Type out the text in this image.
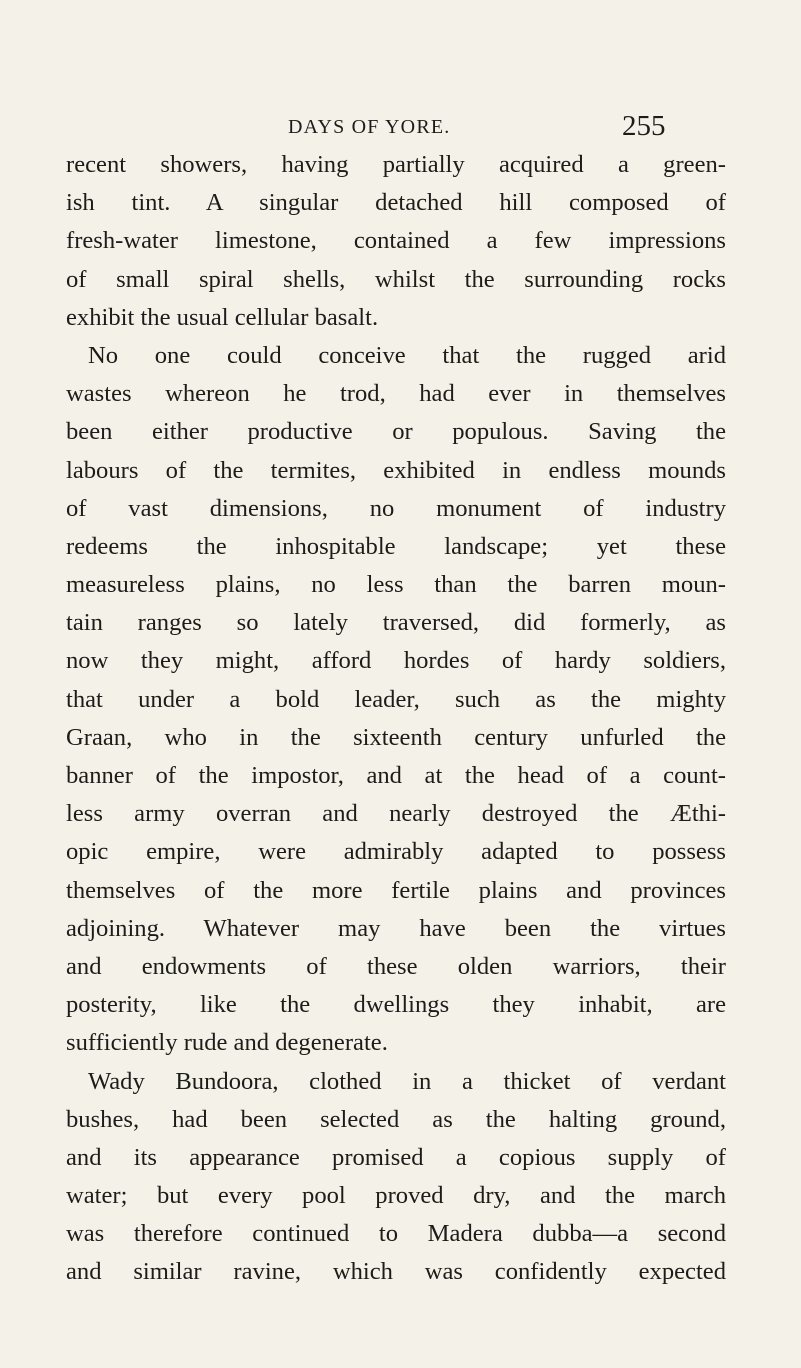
DAYS OF YORE.	255
recent showers, having partially acquired a green-
ish tint. A singular detached hill composed of
fresh-water limestone, contained a few impressions
of small spiral shells, whilst the surrounding rocks
exhibit the usual cellular basalt.
No one could conceive that the rugged arid
wastes whereon he trod, had ever in themselves
been either productive or populous. Saving the
labours of the termites, exhibited in endless mounds
of vast dimensions, no monument of industry
redeems the inhospitable landscape; yet these
measureless plains, no less than the barren moun-
tain ranges so lately traversed, did formerly, as
now they might, afford hordes of hardy soldiers,
that under a bold leader, such as the mighty
Graan, who in the sixteenth century unfurled the
banner of the impostor, and at the head of a count-
less army overran and nearly destroyed the Æthi-
opic empire, were admirably adapted to possess
themselves of the more fertile plains and provinces
adjoining. Whatever may have been the virtues
and endowments of these olden warriors, their
posterity, like the dwellings they inhabit, are
sufficiently rude and degenerate.
Wady Bundoora, clothed in a thicket of verdant
bushes, had been selected as the halting ground,
and its appearance promised a copious supply of
water; but every pool proved dry, and the march
was therefore continued to Madera dubba—a second
and similar ravine, which was confidently expected
